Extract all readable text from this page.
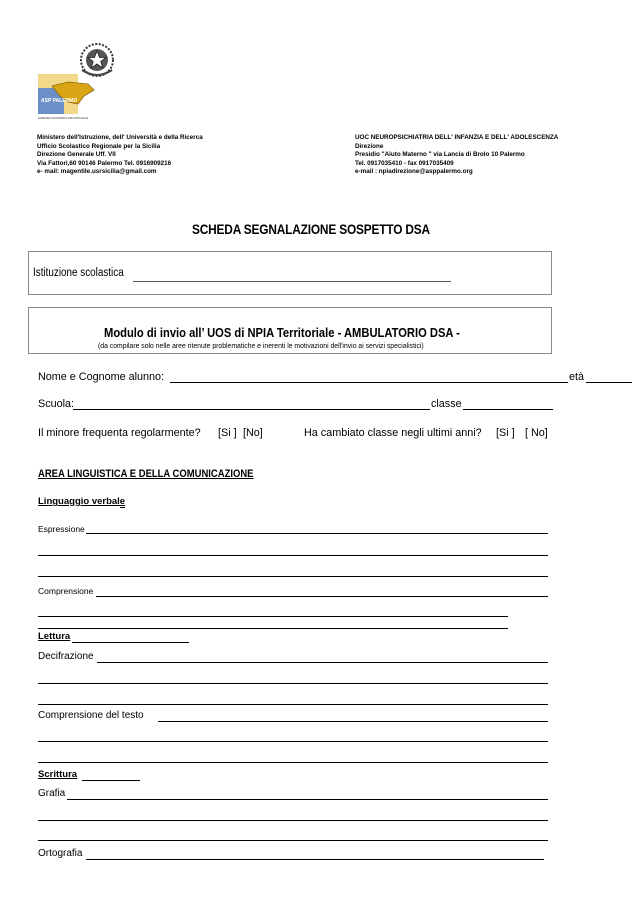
ASP PALERMO
AZIENDA SANITARIA PROVINCIALE
Ministero dell'Istruzione, dell' Università e della Ricerca
Ufficio Scolastico Regionale per la Sicilia
Direzione Generale Uff. VII
Via Fattori,60 90146 Palermo Tel. 0916909216
e- mail: magentile.usrsicilia@gmail.com
UOC NEUROPSICHIATRIA DELL' INFANZIA E DELL' ADOLESCENZA
Direzione
Presidio "Aiuto Materno " via Lancia di Brolo 10 Palermo
Tel. 0917035410 - fax 0917035409
e-mail : npiadirezione@asppalermo.org
SCHEDA SEGNALAZIONE SOSPETTO DSA
Istituzione scolastica
Modulo di invio all’ UOS di NPIA Territoriale - AMBULATORIO DSA -
(da compilare solo nelle aree ritenute problematiche e inerenti le motivazioni dell'invio ai servizi specialistici)
Nome e Cognome alunno:	età
Scuola:	classe
Il minore frequenta regolarmente? [Si ] [No]	Ha cambiato classe negli ultimi anni? [Si ] [ No]
AREA LINGUISTICA E DELLA COMUNICAZIONE
Linguaggio verbale
Espressione
Comprensione
Lettura
Decifrazione
Comprensione del testo
Scrittura
Grafia
Ortografia
